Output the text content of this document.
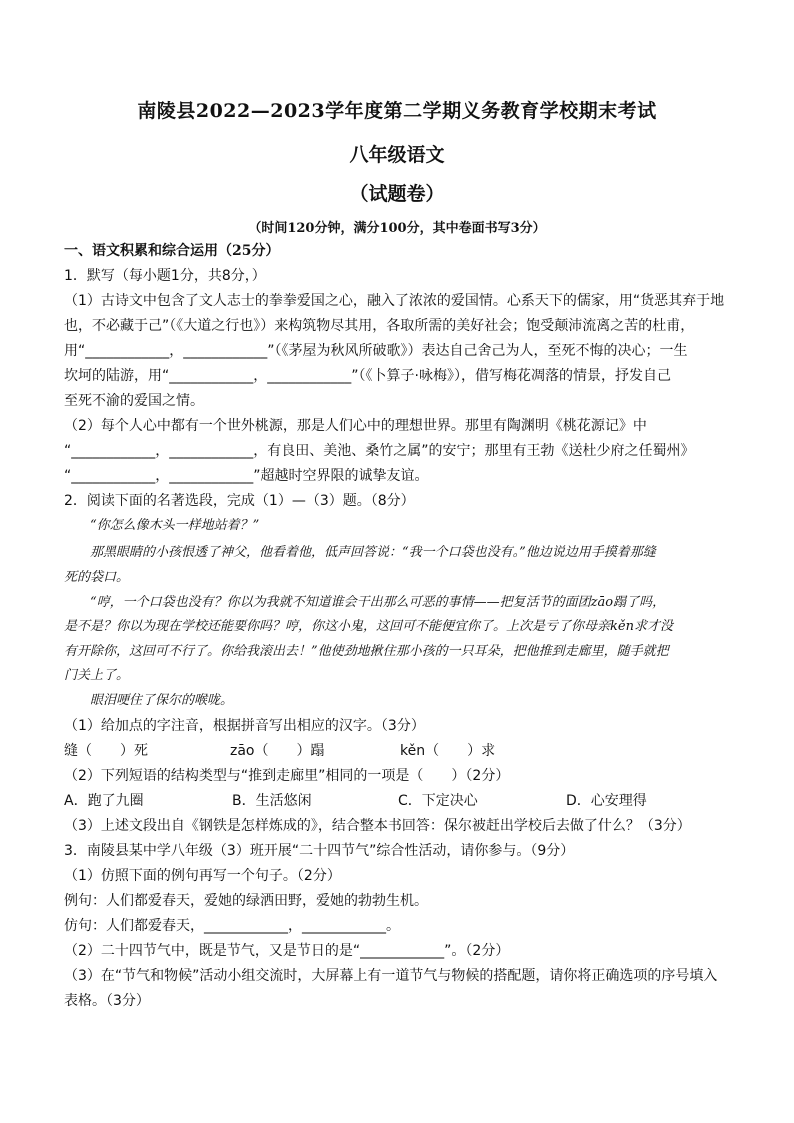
南陵县2022—2023学年度第二学期义务教育学校期末考试
八年级语文
（试题卷）
（时间120分钟，满分100分，其中卷面书写3分）
一、语文积累和综合运用（25分）
1．默写（每小题1分，共8分，）
（1）古诗文中包含了文人志士的拳拳爱国之心，融入了浓浓的爱国情。心系天下的儒家，用“货恶其弃于地
也，不必藏于己”（《大道之行也》）来构筑物尽其用，各取所需的美好社会；饱受颠沛流离之苦的杜甫，
用“____________，____________”（《茅屋为秋风所破歌》）表达自己舍己为人，至死不悔的决心；一生
坎坷的陆游，用“____________，____________”（《卜算子·咏梅》），借写梅花凋落的情景，抒发自己
至死不渝的爱国之情。
（2）每个人心中都有一个世外桃源，那是人们心中的理想世界。那里有陶渊明《桃花源记》中
“____________，____________，有良田、美池、桑竹之属”的安宁；那里有王勃《送杜少府之任蜀州》
“____________，____________”超越时空界限的诚挚友谊。
2．阅读下面的名著选段，完成（1）—（3）题。（8分）
“你怎么像木头一样地站着？”
那黑眼睛的小孩恨透了神父，他看着他，低声回答说：“我一个口袋也没有。”他边说边用手摸着那缝
死的袋口。
“哼，一个口袋也没有？你以为我就不知道谁会干出那么可恶的事情——把复活节的面团zāo蹋了吗，
是不是？你以为现在学校还能要你吗？哼，你这小鬼，这回可不能便宜你了。上次是亏了你母亲kěn求才没
有开除你，这回可不行了。你给我滚出去！”他使劲地揪住那小孩的一只耳朵，把他推到走廊里，随手就把
门关上了。
眼泪哽住了保尔的喉咙。
（1）给加点的字注音，根据拼音写出相应的汉字。（3分）
缝（　　）死	zāo（　　）蹋	kěn（　　）求
（2）下列短语的结构类型与“推到走廊里”相同的一项是（　　）（2分）
A．跑了九圈	B．生活悠闲	C．下定决心	D．心安理得
（3）上述文段出自《钢铁是怎样炼成的》，结合整本书回答：保尔被赶出学校后去做了什么？（3分）
3．南陵县某中学八年级（3）班开展“二十四节气”综合性活动，请你参与。（9分）
（1）仿照下面的例句再写一个句子。（2分）
例句：人们都爱春天，爱她的绿洒田野，爱她的勃勃生机。
仿句：人们都爱春天，____________，____________。
（2）二十四节气中，既是节气，又是节日的是“____________”。（2分）
（3）在“节气和物候”活动小组交流时，大屏幕上有一道节气与物候的搭配题，请你将正确选项的序号填入
表格。（3分）
